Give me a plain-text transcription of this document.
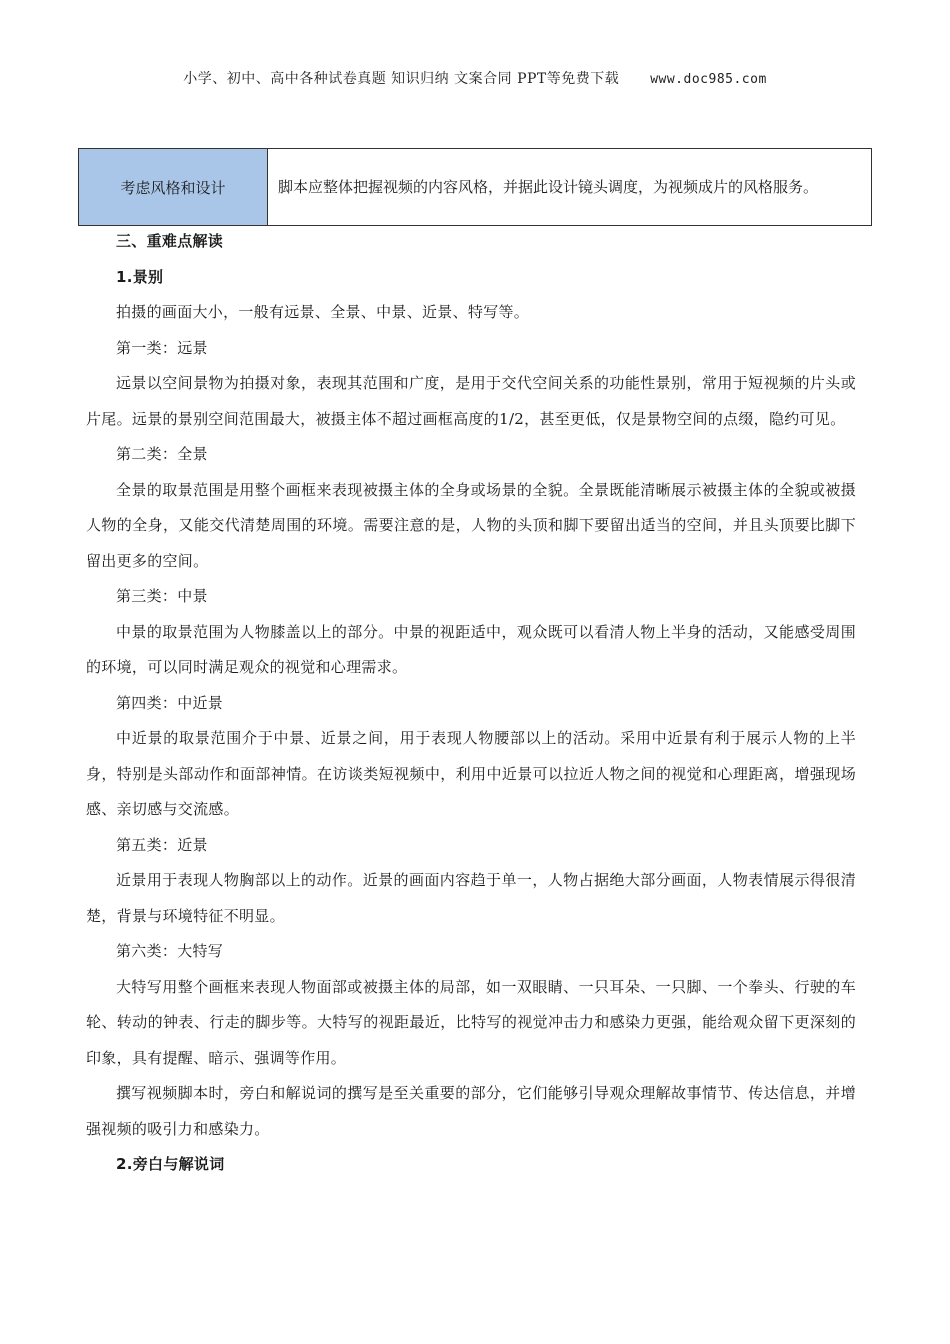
小学、初中、高中各种试卷真题 知识归纳 文案合同 PPT等免费下载 www.doc985.com
考虑风格和设计	脚本应整体把握视频的内容风格，并据此设计镜头调度，为视频成片的风格服务。

三、重难点解读

1.景别

拍摄的画面大小，一般有远景、全景、中景、近景、特写等。

第一类：远景

远景以空间景物为拍摄对象，表现其范围和广度，是用于交代空间关系的功能性景别，常用于短视频的片头或片尾。远景的景别空间范围最大，被摄主体不超过画框高度的1/2，甚至更低，仅是景物空间的点缀，隐约可见。

第二类：全景

全景的取景范围是用整个画框来表现被摄主体的全身或场景的全貌。全景既能清晰展示被摄主体的全貌或被摄人物的全身，又能交代清楚周围的环境。需要注意的是，人物的头顶和脚下要留出适当的空间，并且头顶要比脚下留出更多的空间。

第三类：中景

中景的取景范围为人物膝盖以上的部分。中景的视距适中，观众既可以看清人物上半身的活动，又能感受周围的环境，可以同时满足观众的视觉和心理需求。

第四类：中近景

中近景的取景范围介于中景、近景之间，用于表现人物腰部以上的活动。采用中近景有利于展示人物的上半身，特别是头部动作和面部神情。在访谈类短视频中，利用中近景可以拉近人物之间的视觉和心理距离，增强现场感、亲切感与交流感。

第五类：近景

近景用于表现人物胸部以上的动作。近景的画面内容趋于单一，人物占据绝大部分画面，人物表情展示得很清楚，背景与环境特征不明显。

第六类：大特写

大特写用整个画框来表现人物面部或被摄主体的局部，如一双眼睛、一只耳朵、一只脚、一个拳头、行驶的车轮、转动的钟表、行走的脚步等。大特写的视距最近，比特写的视觉冲击力和感染力更强，能给观众留下更深刻的印象，具有提醒、暗示、强调等作用。

撰写视频脚本时，旁白和解说词的撰写是至关重要的部分，它们能够引导观众理解故事情节、传达信息，并增强视频的吸引力和感染力。

2.旁白与解说词
